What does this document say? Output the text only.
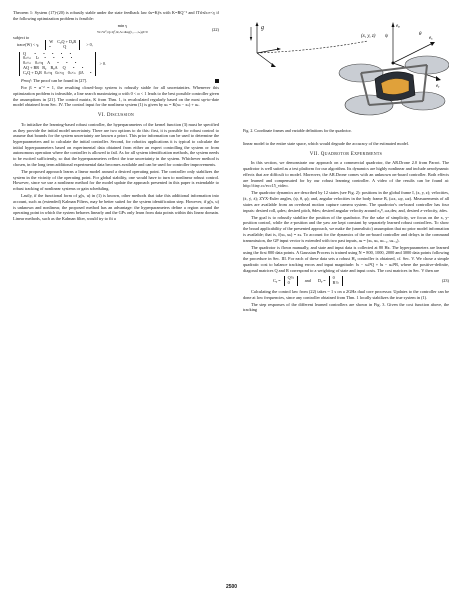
Theorem 1: System (17)-(20) is robustly stable under the state feedback law ûs=Kŷs with K=RQ⁻¹ and ‖Tŵs‖ₕ∞<γ if the following optimization problem is feasible:

min γ
W=Wᵀ,Q=Qᵀ,R,Λ=diag(τ₁,...,τₙ),β>0
(22)
subject to
trace(W) < γ,
W    CᵩQ + DᵩR
•            Q	> 0,
Q        •       •       •       •       •
0ₙ×ₙ     Iₙ     •       •       •       •
0ₙ×ₙ    0ₙ×q    A       •       •       •
AQ + BR   Bᵨ    BᵩA     Q       •       •
CᵩQ + DᵩR  0ₙ×q   0ₙ×q    0ₙ×ₙ   βΛ      •
> 0.

Proof: The proof can be found in [27].

For β = α⁻² = 1, the resulting closed-loop system is robustly stable for all uncertainties. Whenever this optimization problem is infeasible, a line search maximizing α with 0 < α < 1 leads to the best possible controller given the assumptions in [21]. The control matrix, K from Thm. 1, is recalculated regularly based on the most up-to-date model obtained from Sec. IV. The control input for the nonlinear system (1) is given by uₖ = K(xₖ − xₛ) + uₛ.

VI. Discussion

To initialize the learning-based robust controller, the hyperparameters of the kernel function (3) must be specified as they provide the initial model uncertainty. There are two options to do this: first, it is possible for robust control to assume that bounds for the system uncertainty are known a priori. This prior information can be used to determine the hyperparameters and to calculate the initial controller. Second, for robotics applications it is typical to calculate the initial hyperparameters based on experimental data obtained from either an expert controlling the system or from autonomous operation where the controller is allowed to fail. As for all system identification methods, the system needs to be excited sufficiently, so that the hyperparameters reflect the true uncertainty in the system. Whichever method is chosen, in the long term additional experimental data becomes available and can be used for controller improvements.

The proposed approach learns a linear model around a desired operating point. The controller only stabilizes the system in the vicinity of the operating point. For global stability, one would have to turn to nonlinear robust control. However, since we use a nonlinear method for the model update the approach presented in this paper is extendable to robust tracking of nonlinear systems or gain scheduling.

Lastly, if the functional form of g(x, u) in (1) is known, other methods that take this additional information into account, such as (extended) Kalman Filters, may be better suited for the system identification step. However, if g(x, u) is unknown and nonlinear, the proposed method has an advantage: the hyperparameters define a region around the operating point in which the system behaves linearly and the GPs only learn from data points within this linear domain. Linear methods, such as the Kalman filter, would try to fit a

g	eᵩ
eₓ
eᵧ
ψ	θ
(x, y, z)
Fig. 2. Coordinate frames and variable definitions for the quadrotor.

linear model to the entire state space, which would degrade the accuracy of the estimated model.

VII. Quadrotor Experiments

In this section, we demonstrate our approach on a commercial quadrotor, the AR.Drone 2.0 from Parrot. The quadrotor is well suited as a test platform for our algorithm. Its dynamics are highly nonlinear and include aerodynamic effects that are difficult to model. Moreover, the AR.Drone comes with an unknown on-board controller. Both effects are learned and compensated for by our robust learning controller. A video of the results can be found at: http://tiny.cc/ecc15_video.

The quadrotor dynamics are described by 12 states (see Fig. 2): positions in the global frame I, (x, y, z); velocities, (ẋ, ẏ, ż); ZYX-Euler angles, (ψ, θ, φ); and, angular velocities in the body frame B, (ωx, ωy, ωz). Measurements of all states are available from an overhead motion capture camera system. The quadrotor's on-board controller has four inputs: desired roll, φdes; desired pitch, θdes; desired angular velocity around eᵩᴮ, ωz,des; and, desired z-velocity, żdes.

The goal is to robustly stabilize the position of the quadrotor. For the sake of simplicity, we focus on the x, y-position control, while the z-position and the yaw are kept constant by separately learned robust controllers. To show the broad applicability of the presented approach, we make the (unrealistic) assumption that no prior model information is available; that is, f(xₖ, uₖ) = xₖ. To account for the dynamics of the on-board controller and delays in the command transmission, the GP input vector is extended with two past inputs, aₖ = (xₖ, uₖ, uₖ₋₁, uₖ₋₂).

The quadrotor is flown manually, and state and input data is collected at 80 Hz. The hyperparameters are learned using the first 800 data points. A Gaussian Process is trained using N = 800, 1000, 2000 and 3000 data points following the procedure in Sec. III. For each of these data sets a robust H₂ controller is obtained, cf. Sec. V. We chose a simple quadratic cost to balance tracking errors and input magnitude: ‖x − xₛ‖²Q + ‖u − uₛ‖²R, where the positive-definite, diagonal matrices Q and R correspond to a weighting of state and input costs. The cost matrices in Sec. V then are

Cᵩ =
Q½
0	and	Dᵩ =
0
R½	(23)

Calculating the control law from (22) takes ~ 1 s on a 2GHz dual core processor. Updates to the controller can be done at low frequencies, since any controller obtained from Thm. 1 locally stabilizes the true system in (1).

The step responses of the different learned controllers are shown in Fig. 3. Given the cost function above, the tracking

2500
